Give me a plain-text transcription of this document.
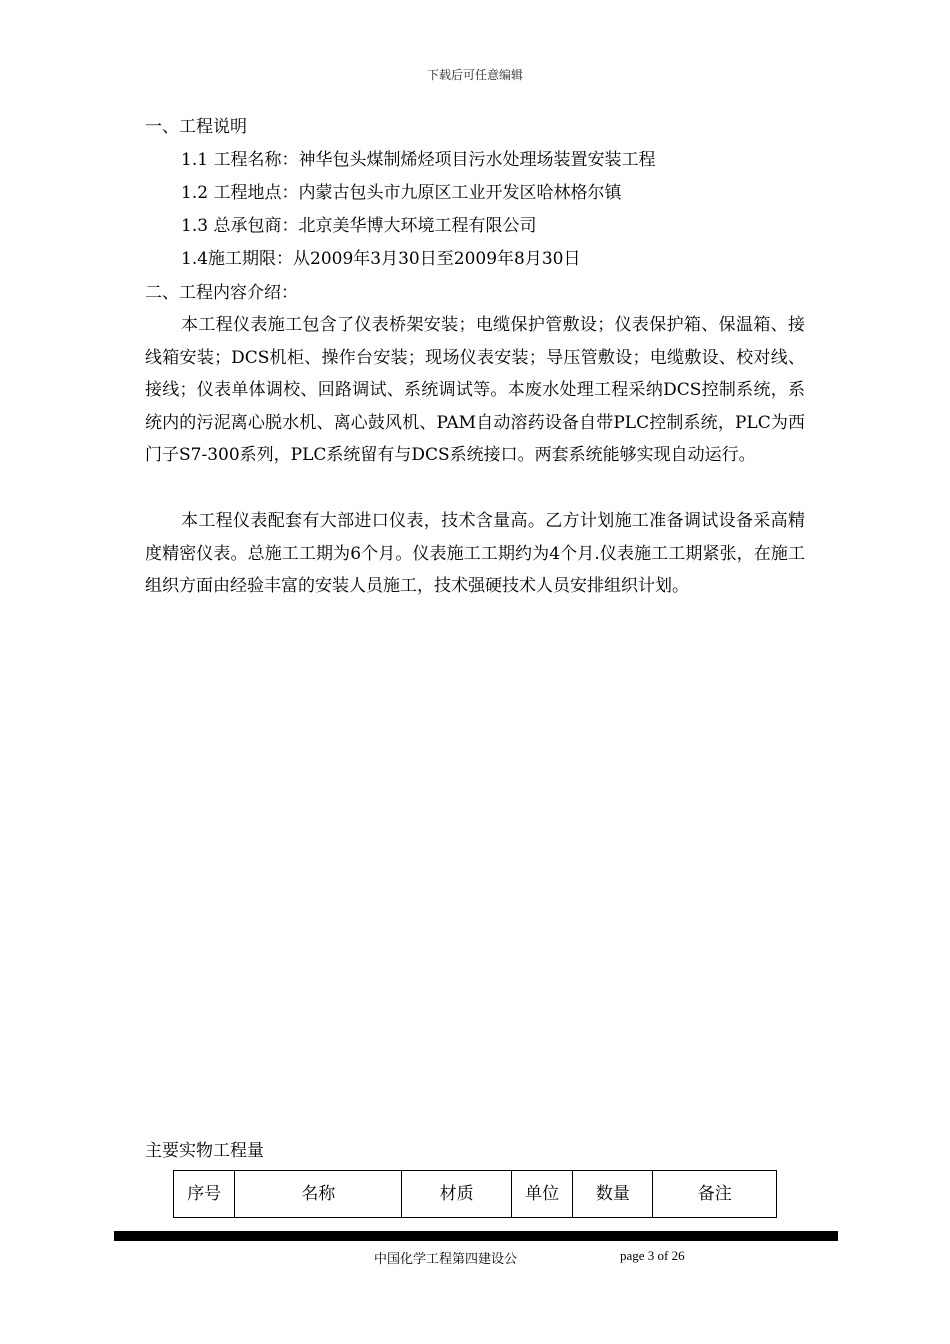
下载后可任意编辑
一、工程说明
1.1 工程名称：神华包头煤制烯烃项目污水处理场装置安装工程
1.2 工程地点：内蒙古包头市九原区工业开发区哈林格尔镇
1.3 总承包商：北京美华博大环境工程有限公司
1.4施工期限：从2009年3月30日至2009年8月30日
二、工程内容介绍：

本工程仪表施工包含了仪表桥架安装；电缆保护管敷设；仪表保护箱、保温箱、接线箱安装；DCS机柜、操作台安装；现场仪表安装；导压管敷设；电缆敷设、校对线、接线；仪表单体调校、回路调试、系统调试等。本废水处理工程采纳DCS控制系统，系统内的污泥离心脱水机、离心鼓风机、PAM自动溶药设备自带PLC控制系统，PLC为西门子S7-300系列，PLC系统留有与DCS系统接口。两套系统能够实现自动运行。

本工程仪表配套有大部进口仪表，技术含量高。乙方计划施工准备调试设备采高精度精密仪表。总施工工期为6个月。仪表施工工期约为4个月.仪表施工工期紧张，在施工组织方面由经验丰富的安装人员施工，技术强硬技术人员安排组织计划。

主要实物工程量
序号	名称	材质	单位	数量	备注
中国化学工程第四建设公	page 3 of 26
